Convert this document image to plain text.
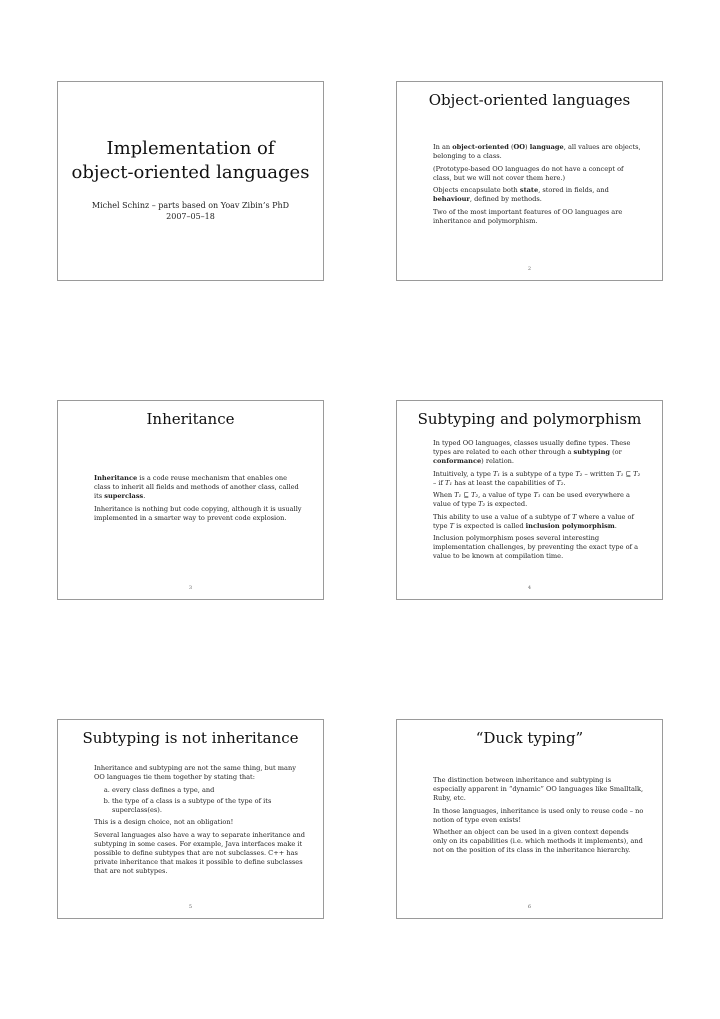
Implementation of
object-oriented languages
Michel Schinz – parts based on Yoav Zibin’s PhD
2007–05–18
Object-oriented languages

In an object-oriented (OO) language, all values are objects, belonging to a class.

(Prototype-based OO languages do not have a concept of class, but we will not cover them here.)

Objects encapsulate both state, stored in fields, and behaviour, defined by methods.

Two of the most important features of OO languages are inheritance and polymorphism.

2
Inheritance

Inheritance is a code reuse mechanism that enables one class to inherit all fields and methods of another class, called its superclass.

Inheritance is nothing but code copying, although it is usually implemented in a smarter way to prevent code explosion.

3
Subtyping and polymorphism

In typed OO languages, classes usually define types. These types are related to each other through a subtyping (or conformance) relation.

Intuitively, a type T₁ is a subtype of a type T₂ – written T₁ ⊑ T₂ – if T₁ has at least the capabilities of T₂.

When T₁ ⊑ T₂, a value of type T₁ can be used everywhere a value of type T₂ is expected.

This ability to use a value of a subtype of T where a value of type T is expected is called inclusion polymorphism.

Inclusion polymorphism poses several interesting implementation challenges, by preventing the exact type of a value to be known at compilation time.

4
Subtyping is not inheritance

Inheritance and subtyping are not the same thing, but many OO languages tie them together by stating that:

a. every class defines a type, and
b. the type of a class is a subtype of the type of its superclass(es).

This is a design choice, not an obligation!

Several languages also have a way to separate inheritance and subtyping in some cases. For example, Java interfaces make it possible to define subtypes that are not subclasses. C++ has private inheritance that makes it possible to define subclasses that are not subtypes.

5
“Duck typing”

The distinction between inheritance and subtyping is especially apparent in “dynamic” OO languages like Smalltalk, Ruby, etc.

In those languages, inheritance is used only to reuse code – no notion of type even exists!

Whether an object can be used in a given context depends only on its capabilities (i.e. which methods it implements), and not on the position of its class in the inheritance hierarchy.

6
